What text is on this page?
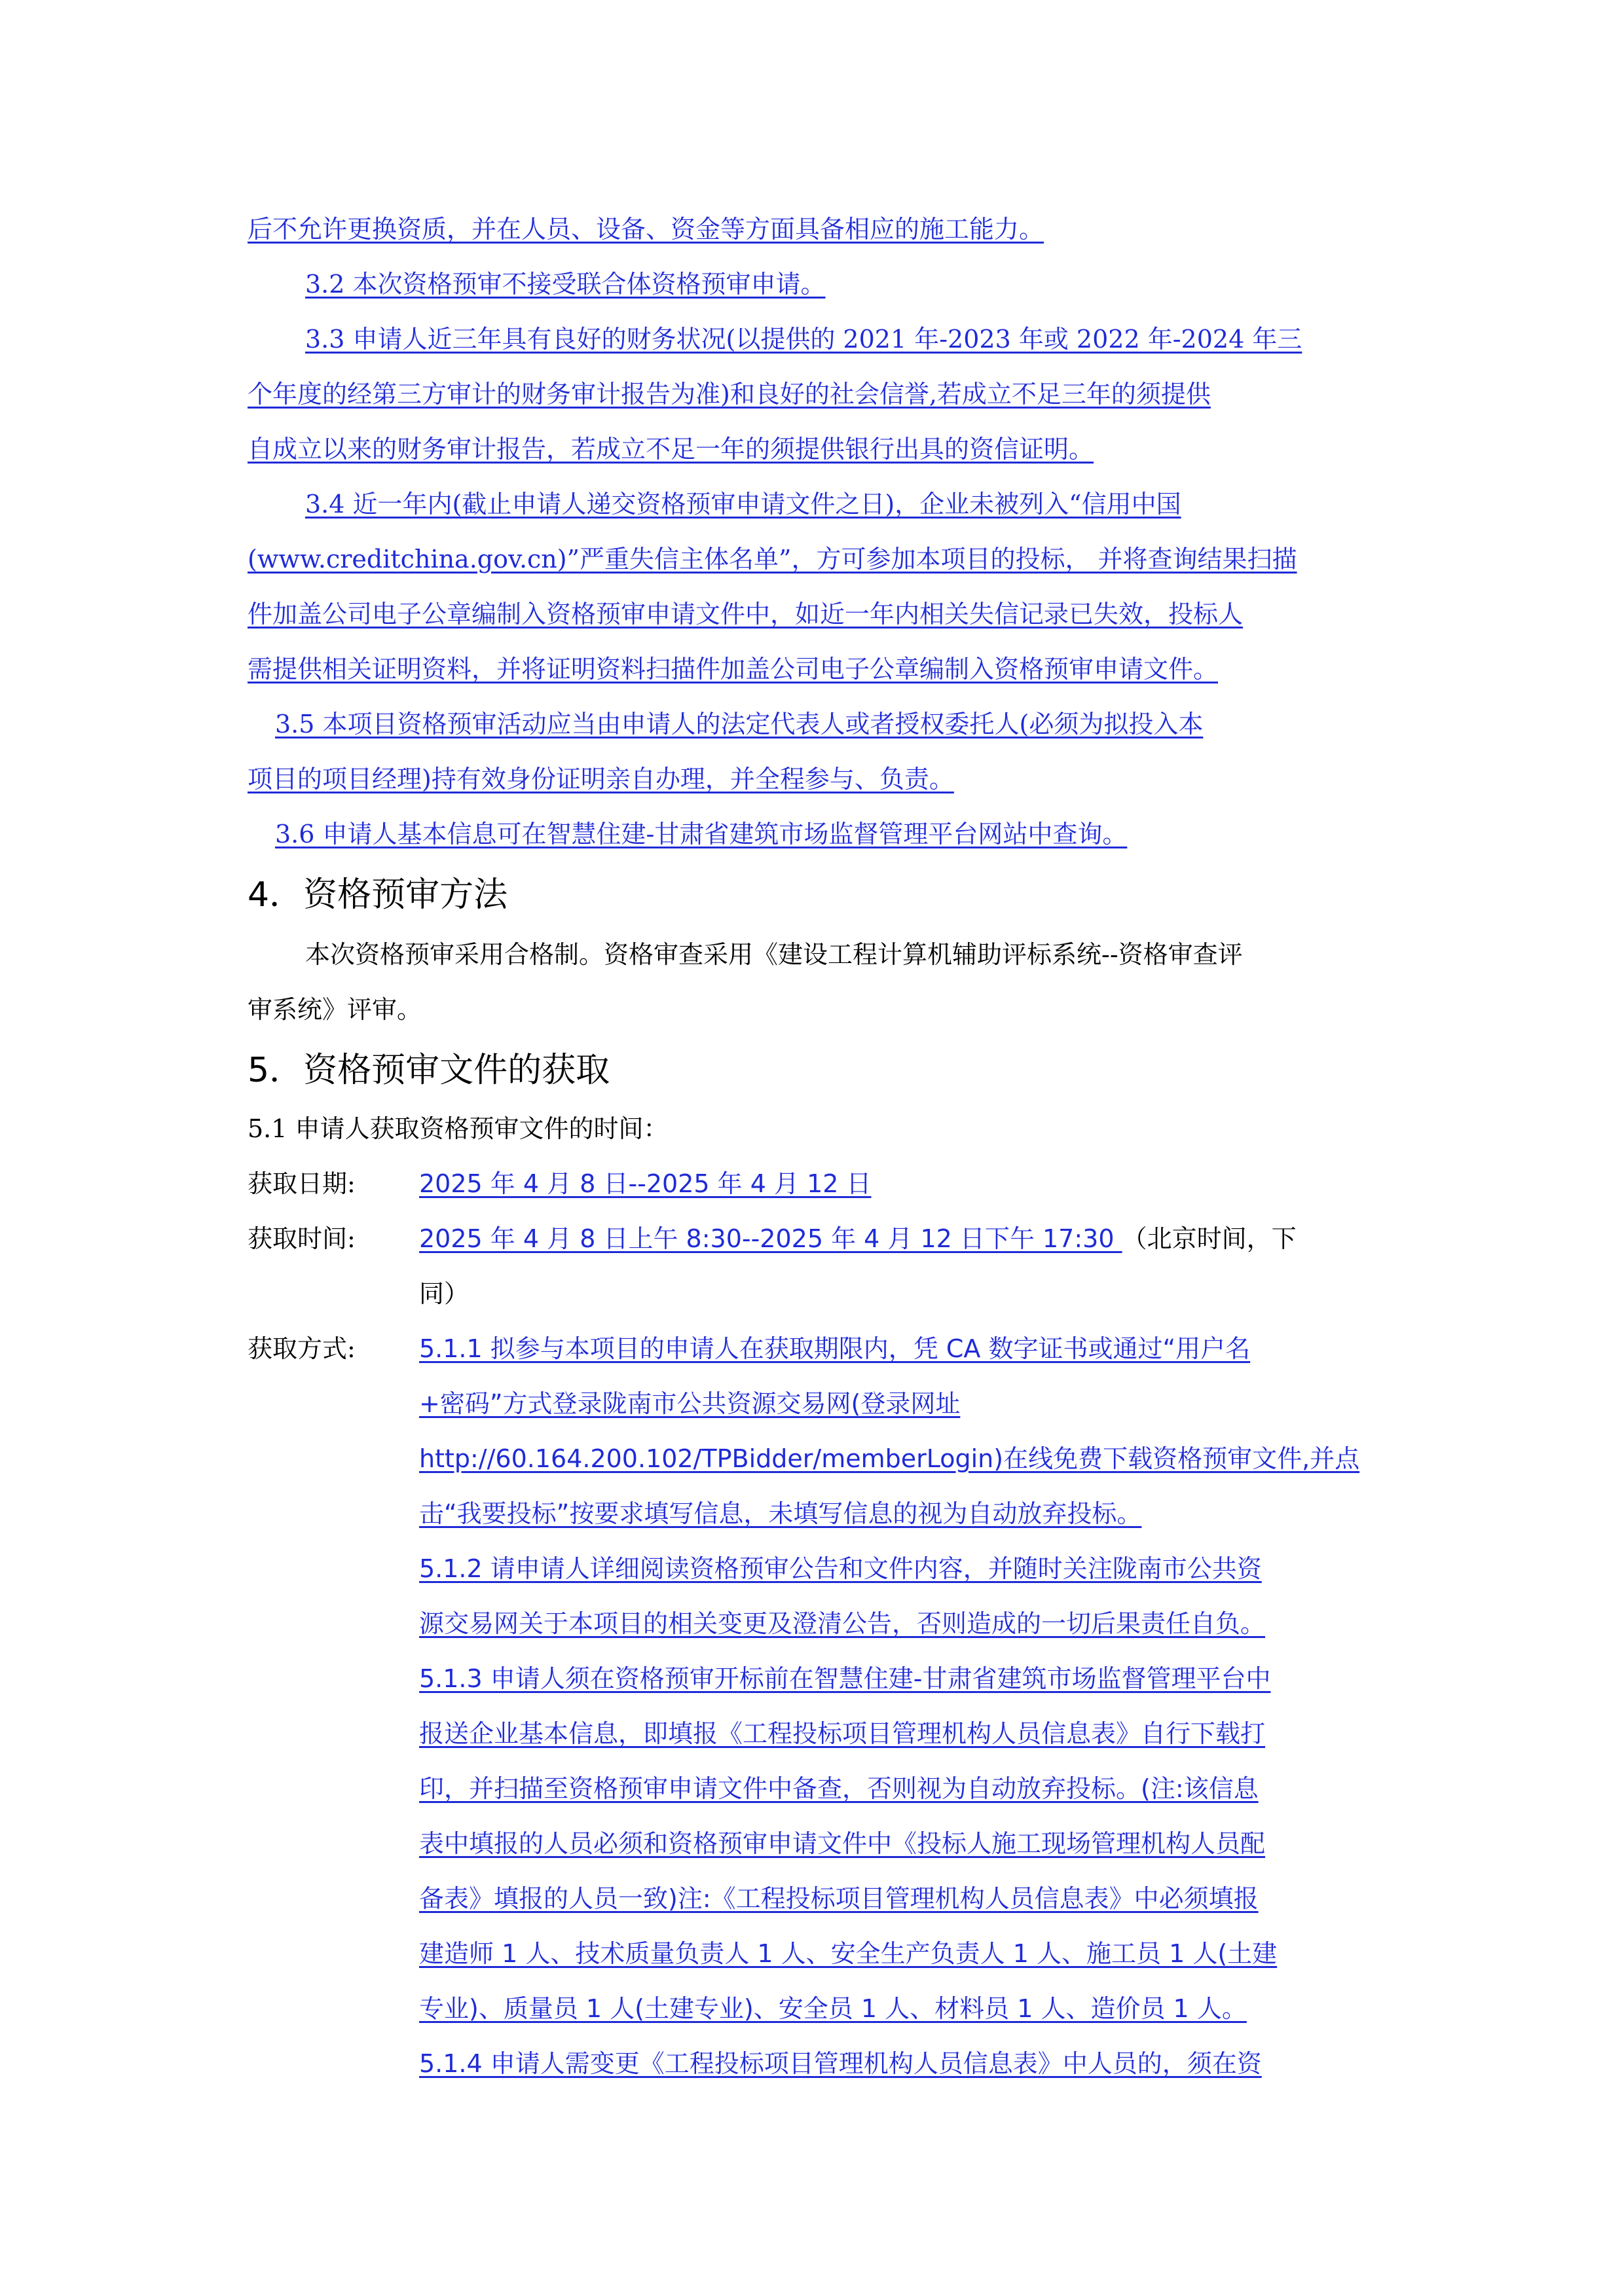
后不允许更换资质，并在人员、设备、资金等方面具备相应的施工能力。
3.2 本次资格预审不接受联合体资格预审申请。
3.3 申请人近三年具有良好的财务状况(以提供的 2021 年-2023 年或 2022 年-2024 年三
个年度的经第三方审计的财务审计报告为准)和良好的社会信誉,若成立不足三年的须提供
自成立以来的财务审计报告，若成立不足一年的须提供银行出具的资信证明。
3.4 近一年内(截止申请人递交资格预审申请文件之日)，企业未被列入“信用中国
(www.creditchina.gov.cn)”严重失信主体名单”，方可参加本项目的投标， 并将查询结果扫描
件加盖公司电子公章编制入资格预审申请文件中，如近一年内相关失信记录已失效，投标人
需提供相关证明资料，并将证明资料扫描件加盖公司电子公章编制入资格预审申请文件。
3.5 本项目资格预审活动应当由申请人的法定代表人或者授权委托人(必须为拟投入本
项目的项目经理)持有效身份证明亲自办理，并全程参与、负责。
3.6 申请人基本信息可在智慧住建-甘肃省建筑市场监督管理平台网站中查询。
4．资格预审方法
本次资格预审采用合格制。资格审查采用《建设工程计算机辅助评标系统--资格审查评
审系统》评审。
5．资格预审文件的获取
5.1 申请人获取资格预审文件的时间：
获取日期:	2025 年 4 月 8 日--2025 年 4 月 12 日
获取时间:	2025 年 4 月 8 日上午 8:30--2025 年 4 月 12 日下午 17:30 （北京时间，下
同）
获取方式:	5.1.1 拟参与本项目的申请人在获取期限内，凭 CA 数字证书或通过“用户名
+密码”方式登录陇南市公共资源交易网(登录网址
http://60.164.200.102/TPBidder/memberLogin)在线免费下载资格预审文件,并点
击“我要投标”按要求填写信息，未填写信息的视为自动放弃投标。
5.1.2 请申请人详细阅读资格预审公告和文件内容，并随时关注陇南市公共资
源交易网关于本项目的相关变更及澄清公告，否则造成的一切后果责任自负。
5.1.3 申请人须在资格预审开标前在智慧住建-甘肃省建筑市场监督管理平台中
报送企业基本信息，即填报《工程投标项目管理机构人员信息表》自行下载打
印，并扫描至资格预审申请文件中备查，否则视为自动放弃投标。(注:该信息
表中填报的人员必须和资格预审申请文件中《投标人施工现场管理机构人员配
备表》填报的人员一致)注:《工程投标项目管理机构人员信息表》中必须填报
建造师 1 人、技术质量负责人 1 人、安全生产负责人 1 人、施工员 1 人(土建
专业)、质量员 1 人(土建专业)、安全员 1 人、材料员 1 人、造价员 1 人。
5.1.4 申请人需变更《工程投标项目管理机构人员信息表》中人员的，须在资
